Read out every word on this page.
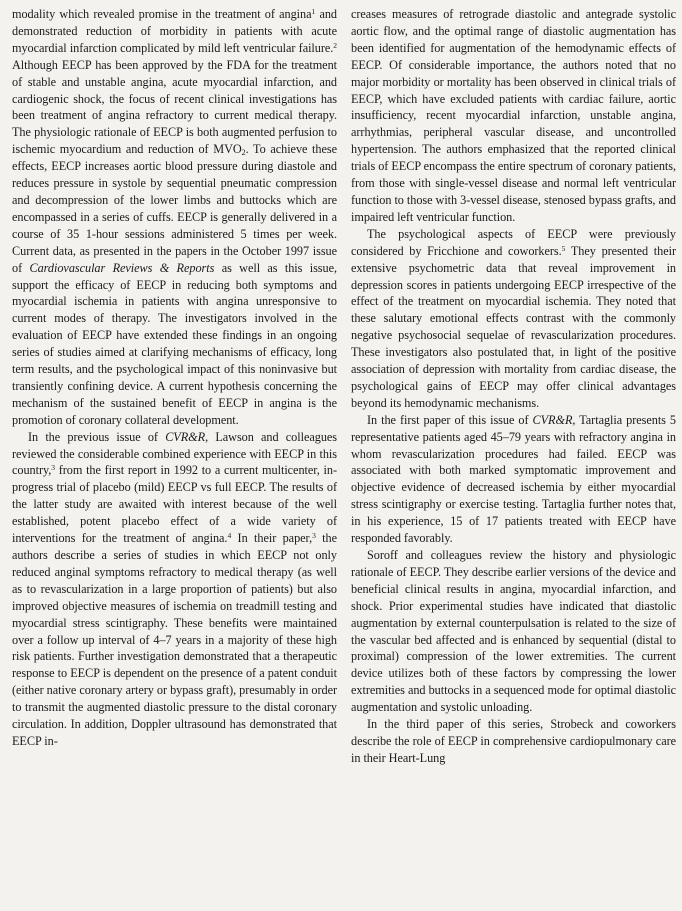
modality which revealed promise in the treatment of angina$^1$ and demonstrated reduction of morbidity in patients with acute myocardial infarction complicated by mild left ventricular failure.$^2$ Although EECP has been approved by the FDA for the treatment of stable and unstable angina, acute myocardial infarction, and cardiogenic shock, the focus of recent clinical investigations has been treatment of angina refractory to current medical therapy. The physiologic rationale of EECP is both augmented perfusion to ischemic myocardium and reduction of $MVO_2$. To achieve these effects, EECP increases aortic blood pressure during diastole and reduces pressure in systole by sequential pneumatic compression and decompression of the lower limbs and buttocks which are encompassed in a series of cuffs. EECP is generally delivered in a course of 35 1-hour sessions administered 5 times per week. Current data, as presented in the papers in the October 1997 issue of Cardiovascular Reviews & Reports as well as this issue, support the efficacy of EECP in reducing both symptoms and myocardial ischemia in patients with angina unresponsive to current modes of therapy. The investigators involved in the evaluation of EECP have extended these findings in an ongoing series of studies aimed at clarifying mechanisms of efficacy, long term results, and the psychological impact of this noninvasive but transiently confining device. A current hypothesis concerning the mechanism of the sustained benefit of EECP in angina is the promotion of coronary collateral development.

In the previous issue of CVR&R, Lawson and colleagues reviewed the considerable combined experience with EECP in this country,$^3$ from the first report in 1992 to a current multicenter, in-progress trial of placebo (mild) EECP vs full EECP. The results of the latter study are awaited with interest because of the well established, potent placebo effect of a wide variety of interventions for the treatment of angina.$^4$ In their paper,$^3$ the authors describe a series of studies in which EECP not only reduced anginal symptoms refractory to medical therapy (as well as to revascularization in a large proportion of patients) but also improved objective measures of ischemia on treadmill testing and myocardial stress scintigraphy. These benefits were maintained over a follow up interval of 4–7 years in a majority of these high risk patients. Further investigation demonstrated that a therapeutic response to EECP is dependent on the presence of a patent conduit (either native coronary artery or bypass graft), presumably in order to transmit the augmented diastolic pressure to the distal coronary circulation. In addition, Doppler ultrasound has demonstrated that EECP in-

creases measures of retrograde diastolic and antegrade systolic aortic flow, and the optimal range of diastolic augmentation has been identified for augmentation of the hemodynamic effects of EECP. Of considerable importance, the authors noted that no major morbidity or mortality has been observed in clinical trials of EECP, which have excluded patients with cardiac failure, aortic insufficiency, recent myocardial infarction, unstable angina, arrhythmias, peripheral vascular disease, and uncontrolled hypertension. The authors emphasized that the reported clinical trials of EECP encompass the entire spectrum of coronary patients, from those with single-vessel disease and normal left ventricular function to those with 3-vessel disease, stenosed bypass grafts, and impaired left ventricular function.

The psychological aspects of EECP were previously considered by Fricchione and coworkers.$^5$ They presented their extensive psychometric data that reveal improvement in depression scores in patients undergoing EECP irrespective of the effect of the treatment on myocardial ischemia. They noted that these salutary emotional effects contrast with the commonly negative psychosocial sequelae of revascularization procedures. These investigators also postulated that, in light of the positive association of depression with mortality from cardiac disease, the psychological gains of EECP may offer clinical advantages beyond its hemodynamic mechanisms.

In the first paper of this issue of CVR&R, Tartaglia presents 5 representative patients aged 45–79 years with refractory angina in whom revascularization procedures had failed. EECP was associated with both marked symptomatic improvement and objective evidence of decreased ischemia by either myocardial stress scintigraphy or exercise testing. Tartaglia further notes that, in his experience, 15 of 17 patients treated with EECP have responded favorably.

Soroff and colleagues review the history and physiologic rationale of EECP. They describe earlier versions of the device and beneficial clinical results in angina, myocardial infarction, and shock. Prior experimental studies have indicated that diastolic augmentation by external counterpulsation is related to the size of the vascular bed affected and is enhanced by sequential (distal to proximal) compression of the lower extremities. The current device utilizes both of these factors by compressing the lower extremities and buttocks in a sequenced mode for optimal diastolic augmentation and systolic unloading.

In the third paper of this series, Strobeck and coworkers describe the role of EECP in comprehensive cardiopulmonary care in their Heart-Lung
